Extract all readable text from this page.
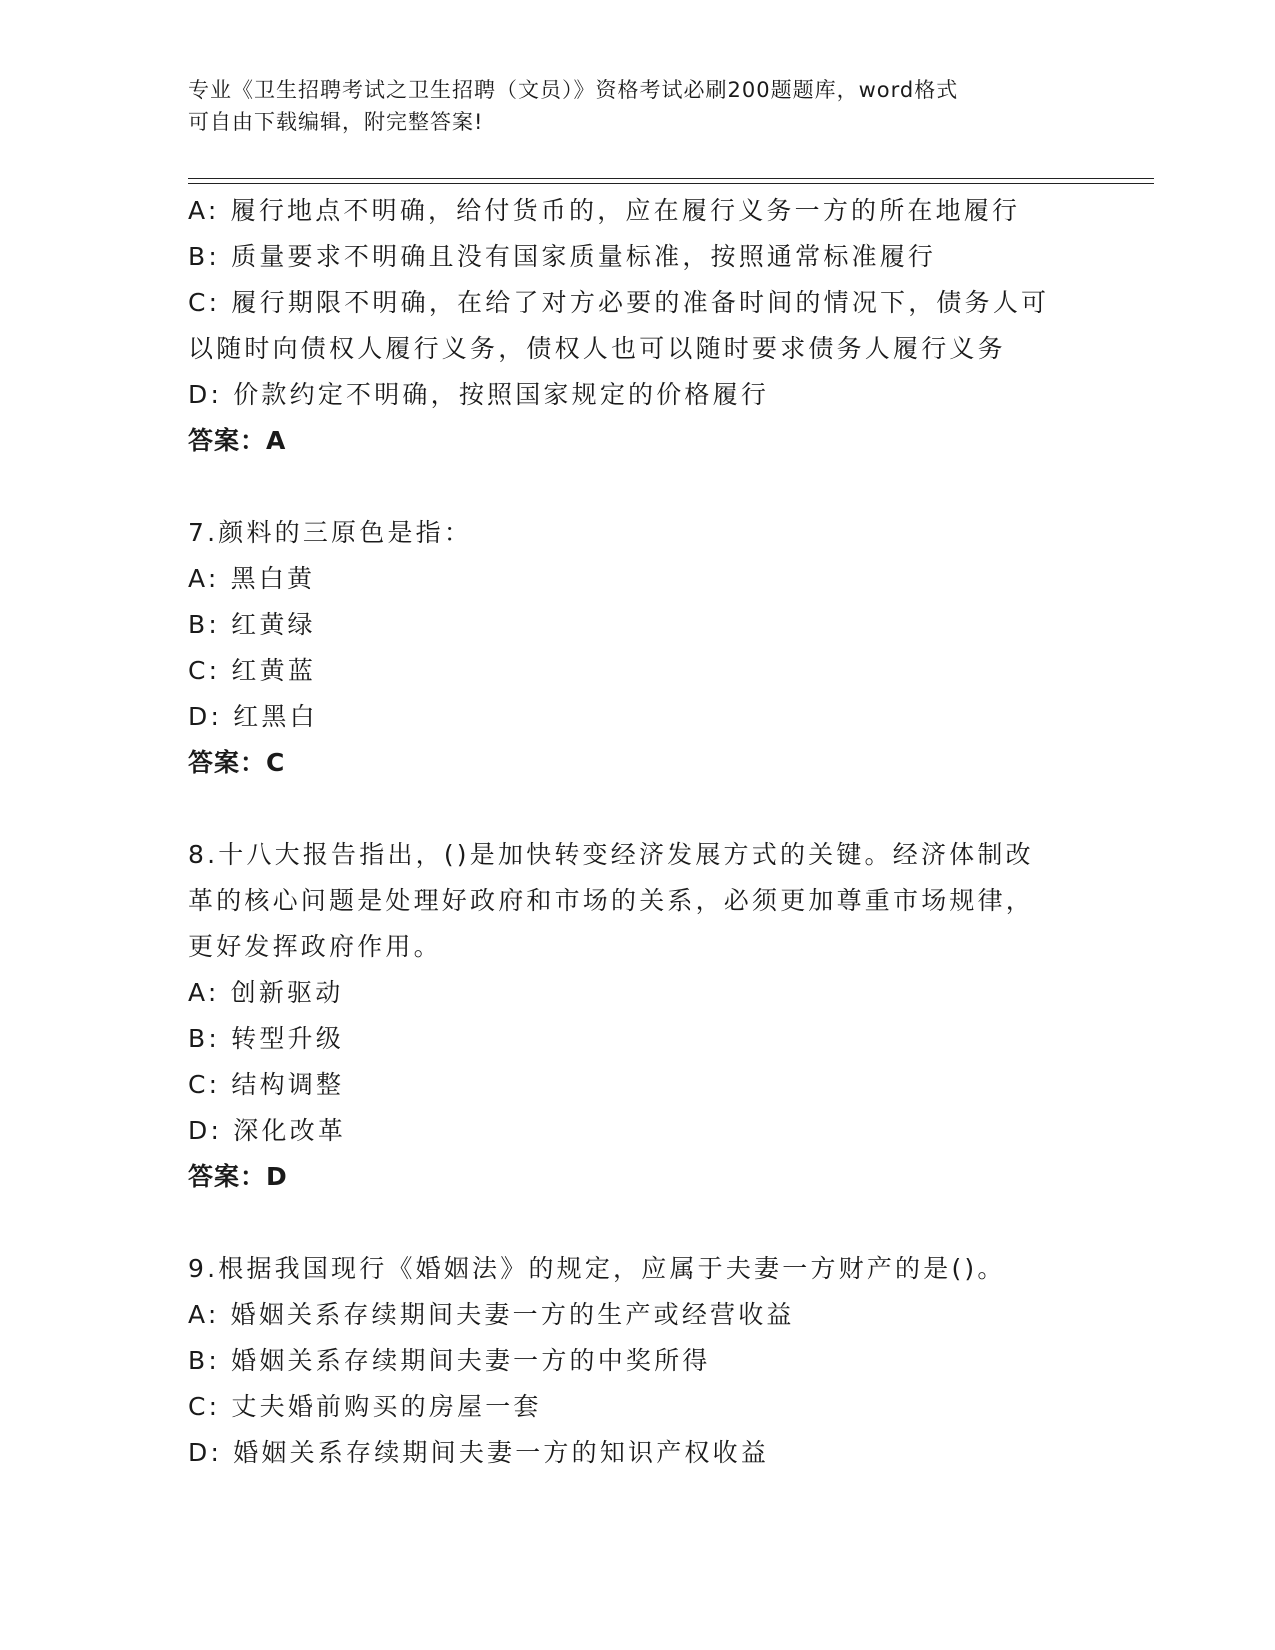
专业《卫生招聘考试之卫生招聘（文员）》资格考试必刷200题题库，word格式
可自由下载编辑，附完整答案!
A: 履行地点不明确，给付货币的，应在履行义务一方的所在地履行
B: 质量要求不明确且没有国家质量标准，按照通常标准履行
C: 履行期限不明确，在给了对方必要的准备时间的情况下，债务人可
以随时向债权人履行义务，债权人也可以随时要求债务人履行义务
D: 价款约定不明确，按照国家规定的价格履行
答案：A
7.颜料的三原色是指：
A: 黑白黄
B: 红黄绿
C: 红黄蓝
D: 红黑白
答案：C
8.十八大报告指出，()是加快转变经济发展方式的关键。经济体制改
革的核心问题是处理好政府和市场的关系，必须更加尊重市场规律，
更好发挥政府作用。
A: 创新驱动
B: 转型升级
C: 结构调整
D: 深化改革
答案：D
9.根据我国现行《婚姻法》的规定，应属于夫妻一方财产的是()。
A: 婚姻关系存续期间夫妻一方的生产或经营收益
B: 婚姻关系存续期间夫妻一方的中奖所得
C: 丈夫婚前购买的房屋一套
D: 婚姻关系存续期间夫妻一方的知识产权收益
